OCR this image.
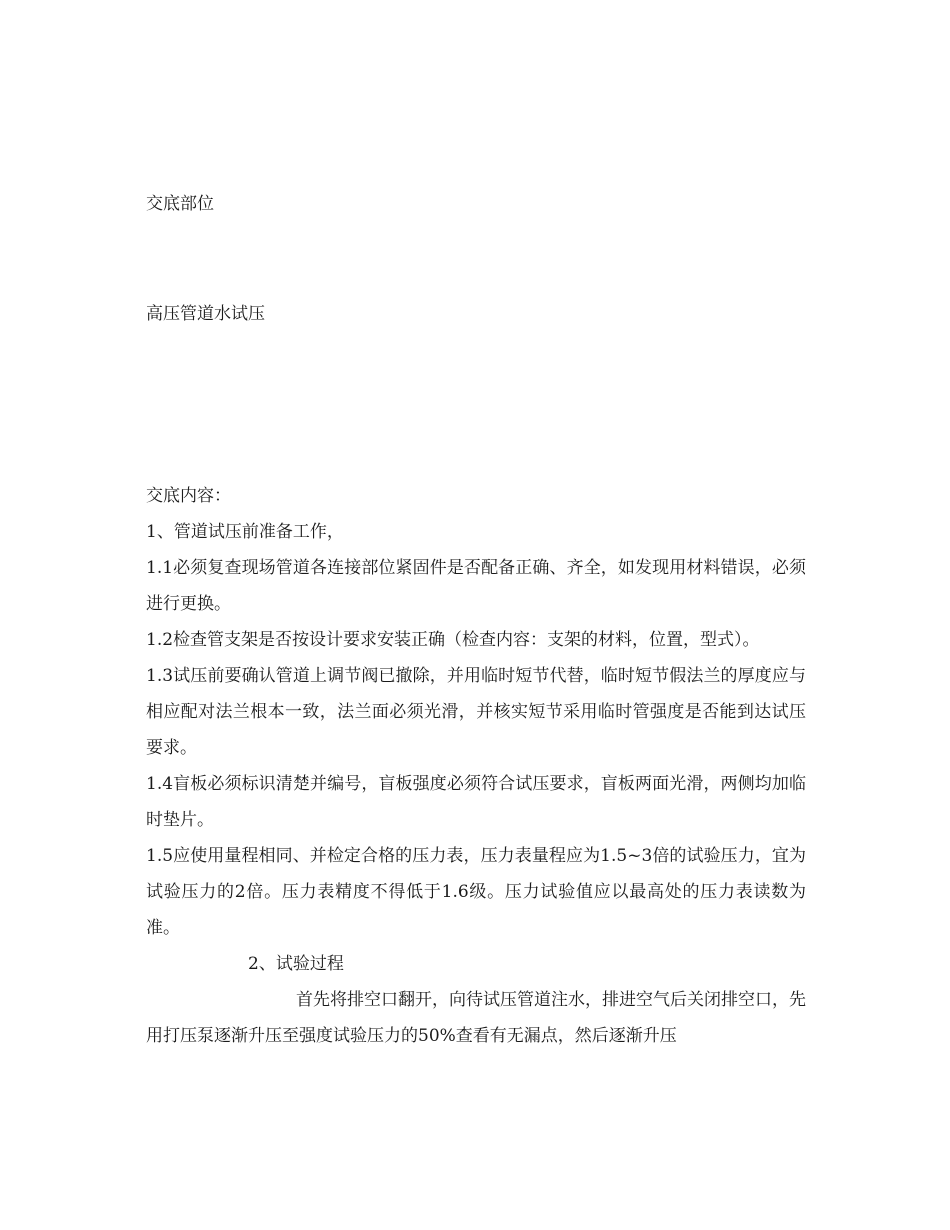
交底部位

高压管道水试压

交底内容：

1、管道试压前准备工作，

1.1必须复查现场管道各连接部位紧固件是否配备正确、齐全，如发现用材料错误，必须进行更换。

1.2检查管支架是否按设计要求安装正确（检查内容：支架的材料，位置，型式）。

1.3试压前要确认管道上调节阀已撤除，并用临时短节代替，临时短节假法兰的厚度应与相应配对法兰根本一致，法兰面必须光滑，并核实短节采用临时管强度是否能到达试压要求。

1.4盲板必须标识清楚并编号，盲板强度必须符合试压要求，盲板两面光滑，两侧均加临时垫片。

1.5应使用量程相同、并检定合格的压力表，压力表量程应为1.5~3倍的试验压力，宜为试验压力的2倍。压力表精度不得低于1.6级。压力试验值应以最高处的压力表读数为准。

2、试验过程

首先将排空口翻开，向待试压管道注水，排进空气后关闭排空口，先用打压泵逐渐升压至强度试验压力的50%查看有无漏点，然后逐渐升压
